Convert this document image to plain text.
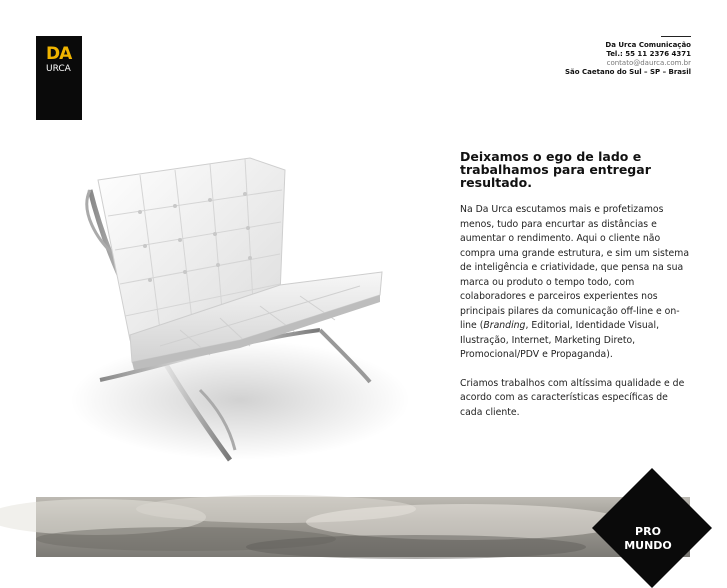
DA
URCA
Da Urca Comunicação
Tel.: 55 11 2376 4371
contato@daurca.com.br
São Caetano do Sul – SP – Brasil
Deixamos o ego de lado e trabalhamos para entregar resultado.

Na Da Urca escutamos mais e profetizamos menos, tudo para encurtar as distâncias e aumentar o rendimento. Aqui o cliente não compra uma grande estrutura, e sim um sistema de inteligência e criatividade, que pensa na sua marca ou produto o tempo todo, com colaboradores e parceiros experientes nos principais pilares da comunicação off-line e on-line (Branding, Editorial, Identidade Visual, Ilustração, Internet, Marketing Direto, Promocional/PDV e Propaganda).

Criamos trabalhos com altíssima qualidade e de acordo com as características específicas de cada cliente.

PRO
MUNDO
